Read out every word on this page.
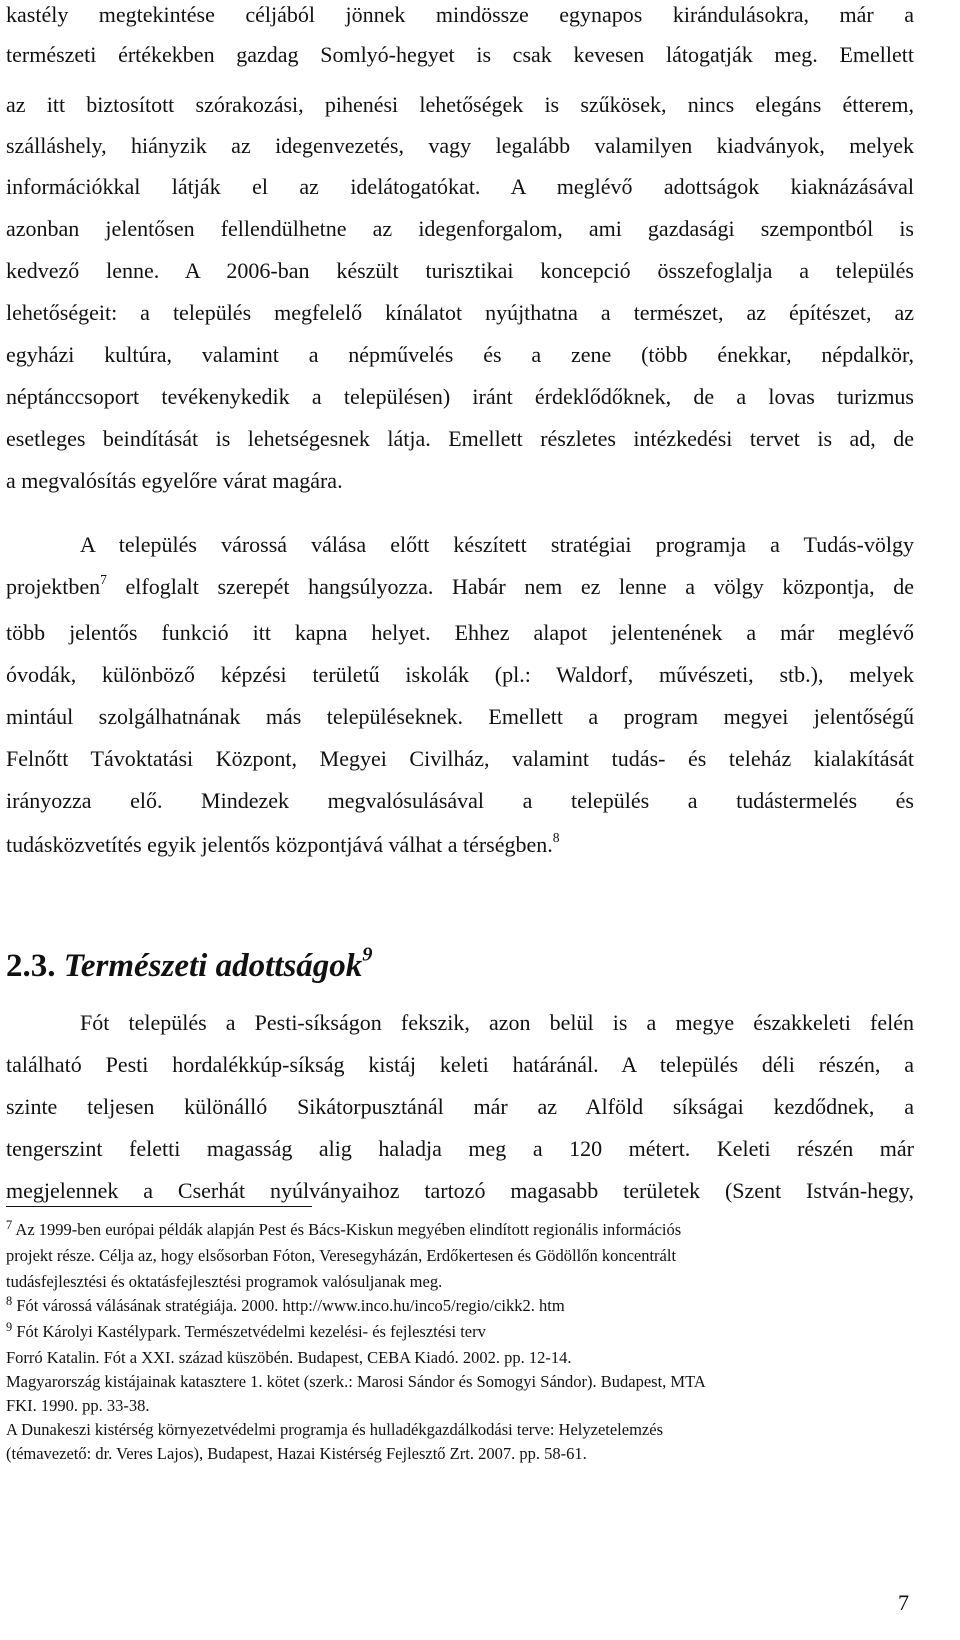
kastély megtekintése céljából jönnek mindössze egynapos kirándulásokra, már a
természeti értékekben gazdag Somlyó-hegyet is csak kevesen látogatják meg. Emellett
az itt biztosított szórakozási, pihenési lehetőségek is szűkösek, nincs elegáns étterem,
szálláshely, hiányzik az idegenvezetés, vagy legalább valamilyen kiadványok, melyek
információkkal látják el az idelátogatókat. A meglévő adottságok kiaknázásával
azonban jelentősen fellendülhetne az idegenforgalom, ami gazdasági szempontból is
kedvező lenne. A 2006-ban készült turisztikai koncepció összefoglalja a település
lehetőségeit: a település megfelelő kínálatot nyújthatna a természet, az építészet, az
egyházi kultúra, valamint a népművelés és a zene (több énekkar, népdalkör,
néptánccsoport tevékenykedik a településen) iránt érdeklődőknek, de a lovas turizmus
esetleges beindítását is lehetségesnek látja. Emellett részletes intézkedési tervet is ad, de
a megvalósítás egyelőre várat magára.
A település várossá válása előtt készített stratégiai programja a Tudás-völgy
projektben$^7$ elfoglalt szerepét hangsúlyozza. Habár nem ez lenne a völgy központja, de
több jelentős funkció itt kapna helyet. Ehhez alapot jelentenének a már meglévő
óvodák, különböző képzési területű iskolák (pl.: Waldorf, művészeti, stb.), melyek
mintául szolgálhatnának más településeknek. Emellett a program megyei jelentőségű
Felnőtt Távoktatási Központ, Megyei Civilház, valamint tudás- és teleház kialakítását
irányozza elő. Mindezek megvalósulásával a település a tudástermelés és
tudásközvetítés egyik jelentős központjává válhat a térségben.$^8$
2.3. Természeti adottságok$^9$
Fót település a Pesti-síkságon fekszik, azon belül is a megye északkeleti felén
található Pesti hordalékkúp-síkság kistáj keleti határánál. A település déli részén, a
szinte teljesen különálló Sikátorpusztánál már az Alföld síkságai kezdődnek, a
tengerszint feletti magasság alig haladja meg a 120 métert. Keleti részén már
megjelennek a Cserhát nyúlványaihoz tartozó magasabb területek (Szent István-hegy,
$^7$ Az 1999-ben európai példák alapján Pest és Bács-Kiskun megyében elindított regionális információs
projekt része. Célja az, hogy elsősorban Fóton, Veresegyházán, Erdőkertesen és Gödöllőn koncentrált
tudásfejlesztési és oktatásfejlesztési programok valósuljanak meg.
$^8$ Fót várossá válásának stratégiája. 2000. http://www.inco.hu/inco5/regio/cikk2. htm
$^9$ Fót Károlyi Kastélypark. Természetvédelmi kezelési- és fejlesztési terv
Forró Katalin. Fót a XXI. század küszöbén. Budapest, CEBA Kiadó. 2002. pp. 12-14.
Magyarország kistájainak katasztere 1. kötet (szerk.: Marosi Sándor és Somogyi Sándor). Budapest, MTA
FKI. 1990. pp. 33-38.
A Dunakeszi kistérség környezetvédelmi programja és hulladékgazdálkodási terve: Helyzetelemzés
(témavezető: dr. Veres Lajos), Budapest, Hazai Kistérség Fejlesztő Zrt. 2007. pp. 58-61.
7
